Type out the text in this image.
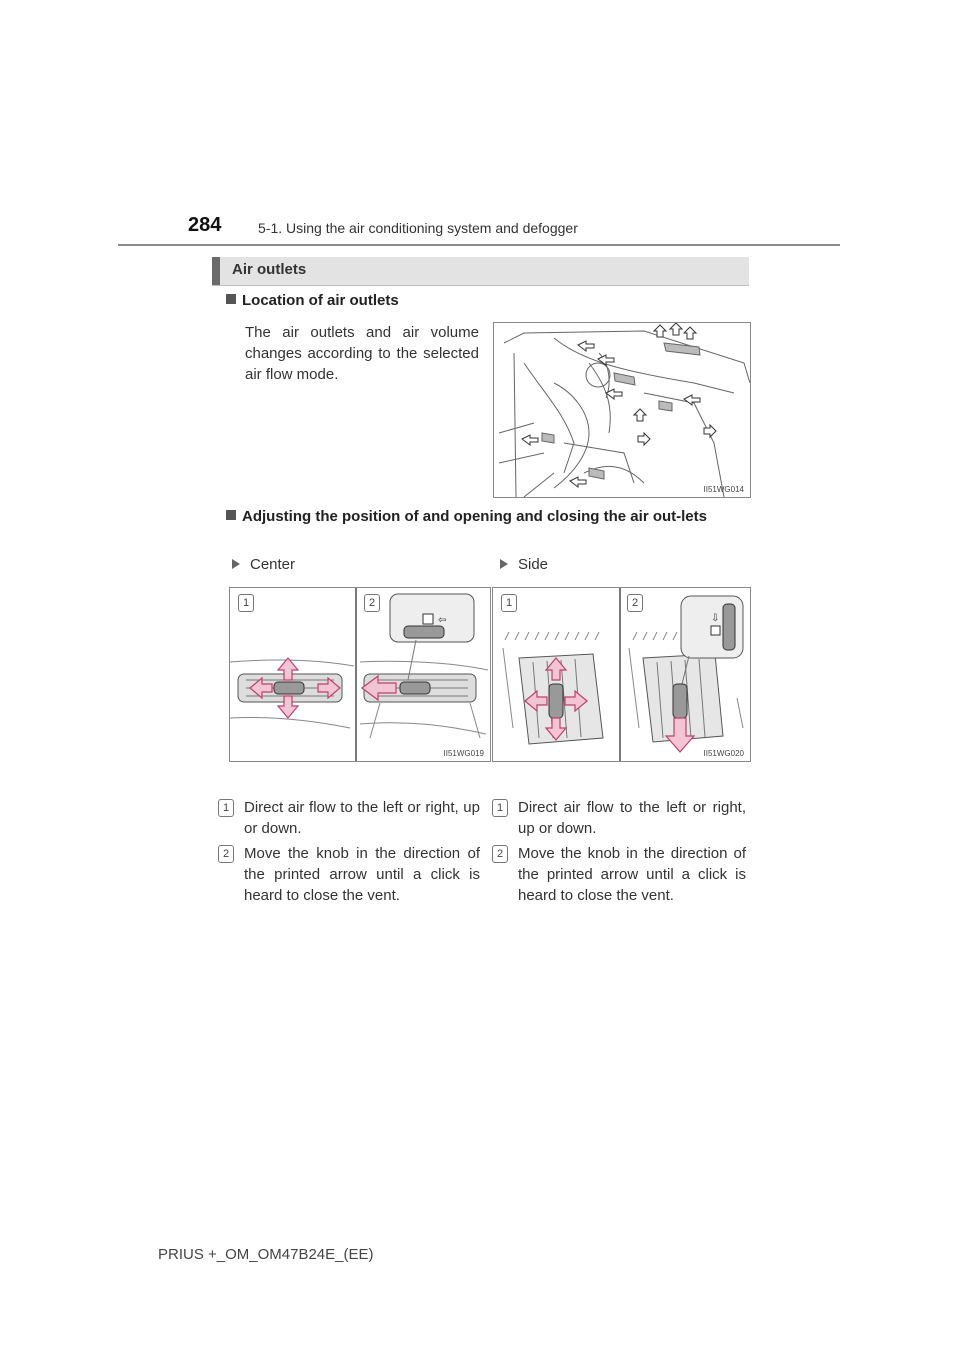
284	5-1. Using the air conditioning system and defogger
Air outlets
Location of air outlets
The air outlets and air volume changes according to the selected air flow mode.
II51WG014
Adjusting the position of and opening and closing the air out-lets
Center	Side
1	2
⇦
II51WG019
1	2
⇩
II51WG020
1 Direct air flow to the left or right, up or down.
2 Move the knob in the direction of the printed arrow until a click is heard to close the vent.
1 Direct air flow to the left or right, up or down.
2 Move the knob in the direction of the printed arrow until a click is heard to close the vent.
PRIUS +_OM_OM47B24E_(EE)
